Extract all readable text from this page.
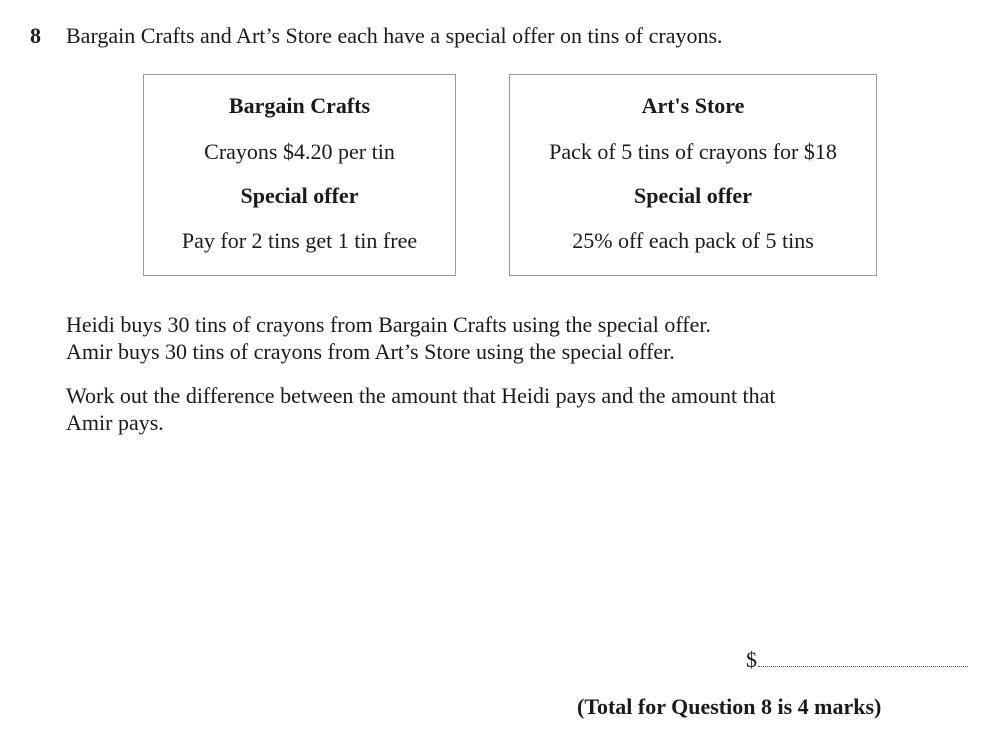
8 Bargain Crafts and Art’s Store each have a special offer on tins of crayons.
Bargain Crafts
Crayons $4.20 per tin
Special offer
Pay for 2 tins get 1 tin free
Art's Store
Pack of 5 tins of crayons for $18
Special offer
25% off each pack of 5 tins
Heidi buys 30 tins of crayons from Bargain Crafts using the special offer.
Amir buys 30 tins of crayons from Art’s Store using the special offer.
Work out the difference between the amount that Heidi pays and the amount that
Amir pays.
$
(Total for Question 8 is 4 marks)
